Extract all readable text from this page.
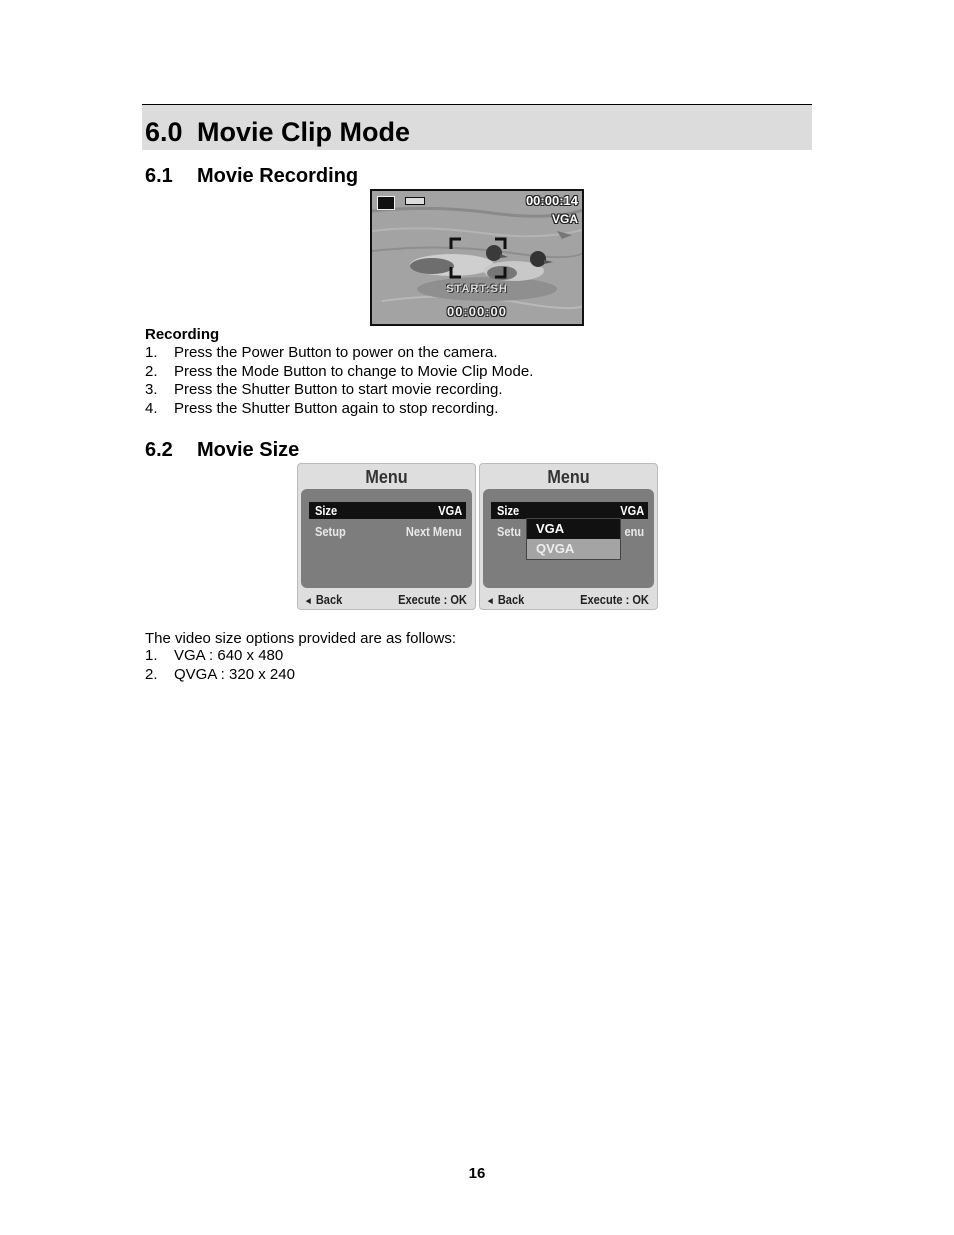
6.0 Movie Clip Mode
6.1 Movie Recording
00:00:14
VGA
START:SH
00:00:00
Recording
1. Press the Power Button to power on the camera.
2. Press the Mode Button to change to Movie Clip Mode.
3. Press the Shutter Button to start movie recording.
4. Press the Shutter Button again to stop recording.
6.2 Movie Size
Menu
Size	VGA
Setup	Next Menu
◄ Back	Execute : OK
Menu
Size	VGA
Setu	enu
VGA
QVGA
◄ Back	Execute : OK
The video size options provided are as follows:
1. VGA : 640 x 480
2. QVGA : 320 x 240
16
